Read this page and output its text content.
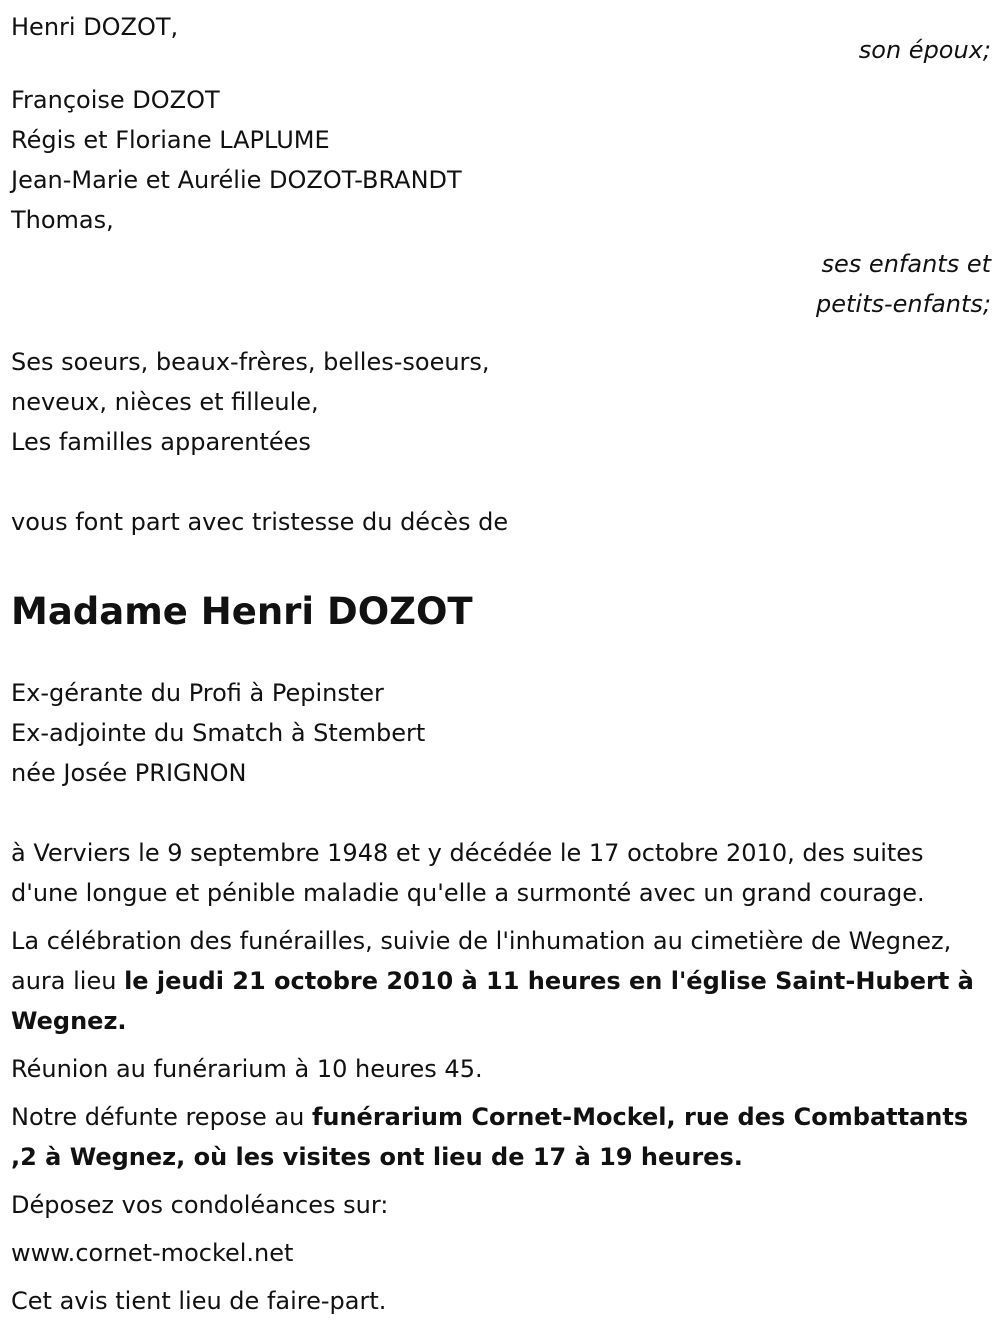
Henri DOZOT,
son époux;
Françoise DOZOT
Régis et Floriane LAPLUME
Jean-Marie et Aurélie DOZOT-BRANDT
Thomas,
ses enfants et
petits-enfants;
Ses soeurs, beaux-frères, belles-soeurs,
neveux, nièces et filleule,
Les familles apparentées
vous font part avec tristesse du décès de
Madame Henri DOZOT
Ex-gérante du Profi à Pepinster
Ex-adjointe du Smatch à Stembert
née Josée PRIGNON
à Verviers le 9 septembre 1948 et y décédée le 17 octobre 2010, des suites d'une longue et pénible maladie qu'elle a surmonté avec un grand courage.
La célébration des funérailles, suivie de l'inhumation au cimetière de Wegnez, aura lieu le jeudi 21 octobre 2010 à 11 heures en l'église Saint-Hubert à Wegnez.
Réunion au funérarium à 10 heures 45.
Notre défunte repose au funérarium Cornet-Mockel, rue des Combattants ,2 à Wegnez, où les visites ont lieu de 17 à 19 heures.
Déposez vos condoléances sur:
www.cornet-mockel.net
Cet avis tient lieu de faire-part.
